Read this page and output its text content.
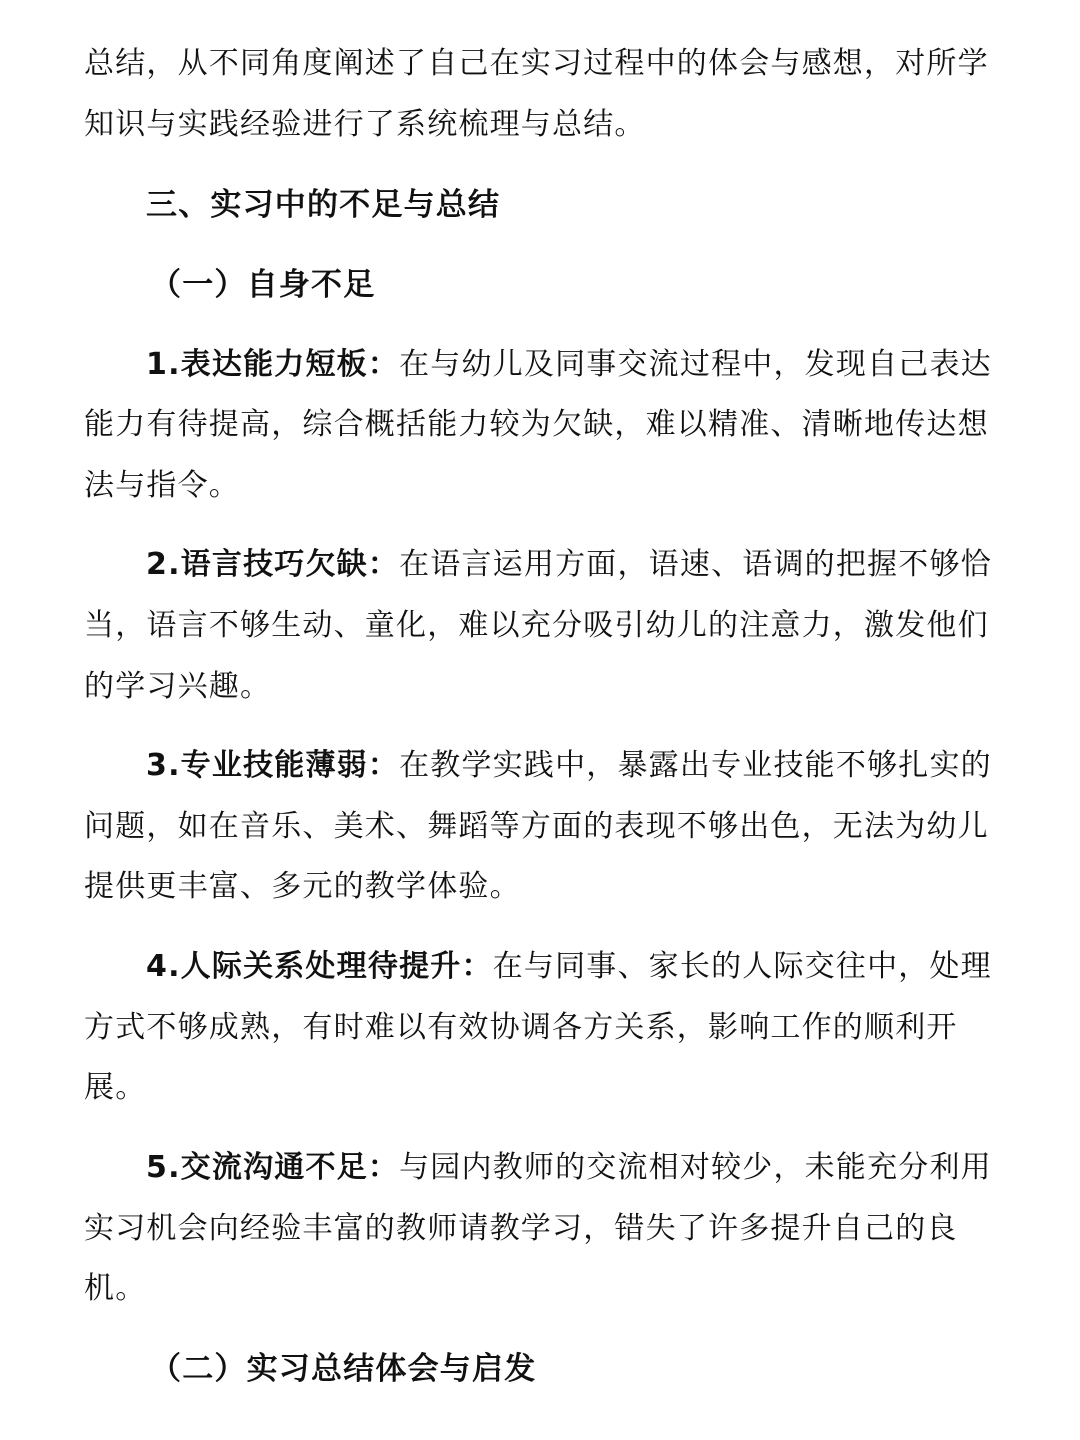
总结，从不同角度阐述了自己在实习过程中的体会与感想，对所学
知识与实践经验进行了系统梳理与总结。
三、实习中的不足与总结
（一）自身不足
1.表达能力短板：在与幼儿及同事交流过程中，发现自己表达
能力有待提高，综合概括能力较为欠缺，难以精准、清晰地传达想
法与指令。
2.语言技巧欠缺：在语言运用方面，语速、语调的把握不够恰
当，语言不够生动、童化，难以充分吸引幼儿的注意力，激发他们
的学习兴趣。
3.专业技能薄弱：在教学实践中，暴露出专业技能不够扎实的
问题，如在音乐、美术、舞蹈等方面的表现不够出色，无法为幼儿
提供更丰富、多元的教学体验。
4.人际关系处理待提升：在与同事、家长的人际交往中，处理
方式不够成熟，有时难以有效协调各方关系，影响工作的顺利开
展。
5.交流沟通不足：与园内教师的交流相对较少，未能充分利用
实习机会向经验丰富的教师请教学习，错失了许多提升自己的良
机。
（二）实习总结体会与启发
